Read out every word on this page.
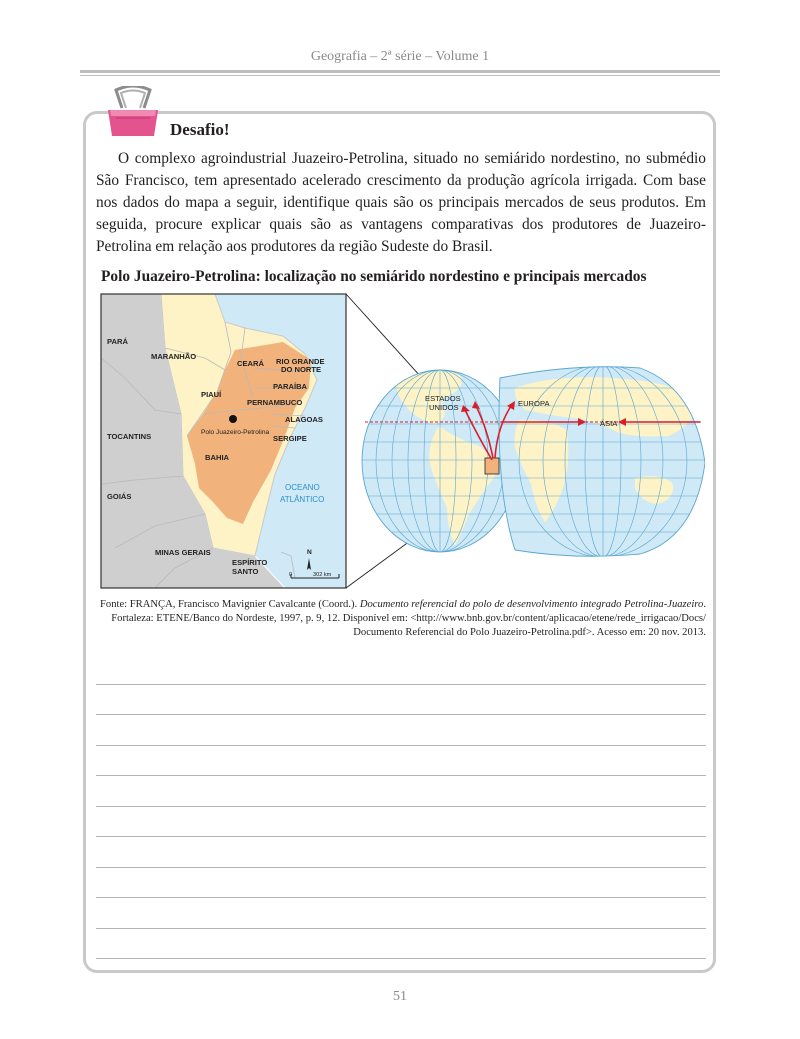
Geografia – 2ª série – Volume 1
Desafio!

O complexo agroindustrial Juazeiro-Petrolina, situado no semiárido nordestino, no submédio São Francisco, tem apresentado acelerado crescimento da produção agrícola irrigada. Com base nos dados do mapa a seguir, identifique quais são os principais mercados de seus produtos. Em seguida, procure explicar quais são as vantagens comparativas dos produtores de Juazeiro-Petrolina em relação aos produtores da região Sudeste do Brasil.

Polo Juazeiro-Petrolina: localização no semiárido nordestino e principais mercados
PARÁ
MARANHÃO
CEARÁ RIO GRANDE
DO NORTE
PARAÍBA
PIAUÍ
PERNAMBUCO
ALAGOAS
SERGIPE
TOCANTINS
BAHIA
GOIÁS
MINAS GERAIS
ESPÍRITO
SANTO
Polo Juazeiro-Petrolina
OCEANO
ATLÂNTICO
N
0	302 km
ESTADOS
UNIDOS	EUROPA
ÁSIA

Fonte: FRANÇA, Francisco Mavignier Cavalcante (Coord.). Documento referencial do polo de desenvolvimento integrado Petrolina-Juazeiro. Fortaleza: ETENE/Banco do Nordeste, 1997, p. 9, 12. Disponível em: <http://www.bnb.gov.br/content/aplicacao/etene/rede_irrigacao/Docs/ Documento Referencial do Polo Juazeiro-Petrolina.pdf>. Acesso em: 20 nov. 2013.

51
